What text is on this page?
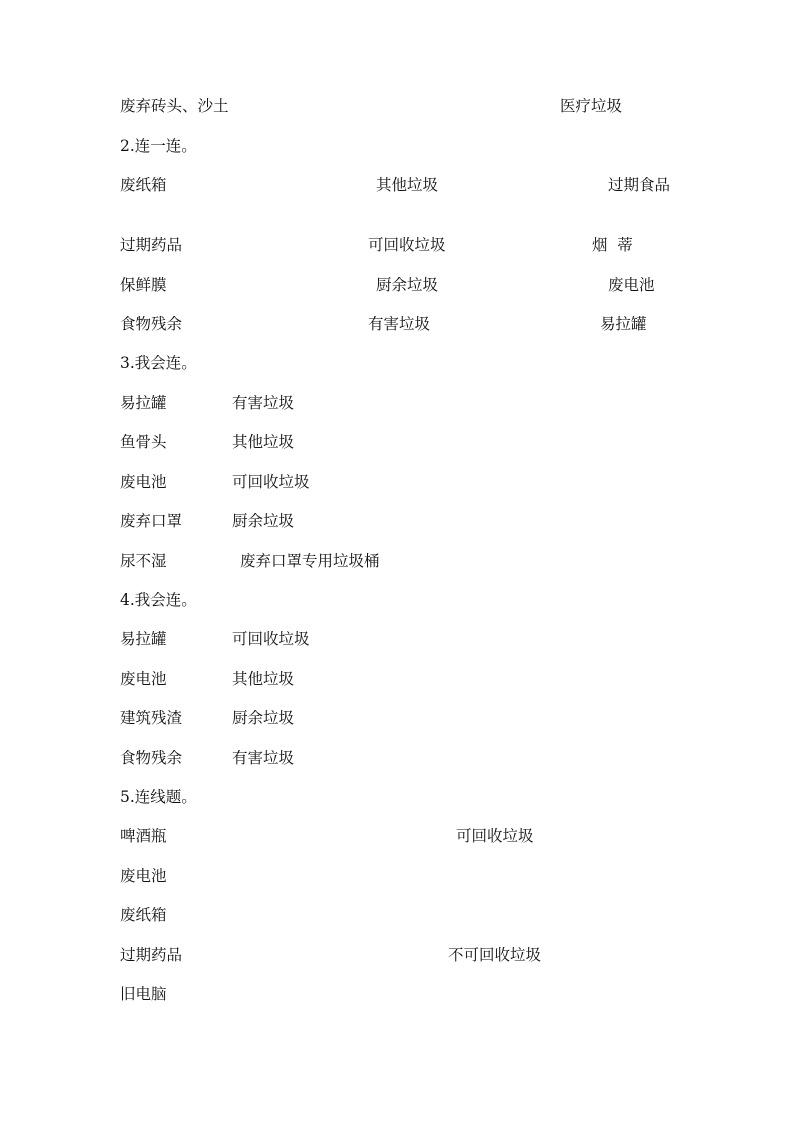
废弃砖头、沙土	医疗垃圾
2.连一连。
废纸箱	其他垃圾	过期食品
过期药品	可回收垃圾	烟  蒂
保鲜膜	厨余垃圾	废电池
食物残余	有害垃圾	易拉罐
3.我会连。
易拉罐	有害垃圾
鱼骨头	其他垃圾
废电池	可回收垃圾
废弃口罩	厨余垃圾
尿不湿	废弃口罩专用垃圾桶
4.我会连。
易拉罐	可回收垃圾
废电池	其他垃圾
建筑残渣	厨余垃圾
食物残余	有害垃圾
5.连线题。
啤酒瓶	可回收垃圾
废电池
废纸箱
过期药品	不可回收垃圾
旧电脑
